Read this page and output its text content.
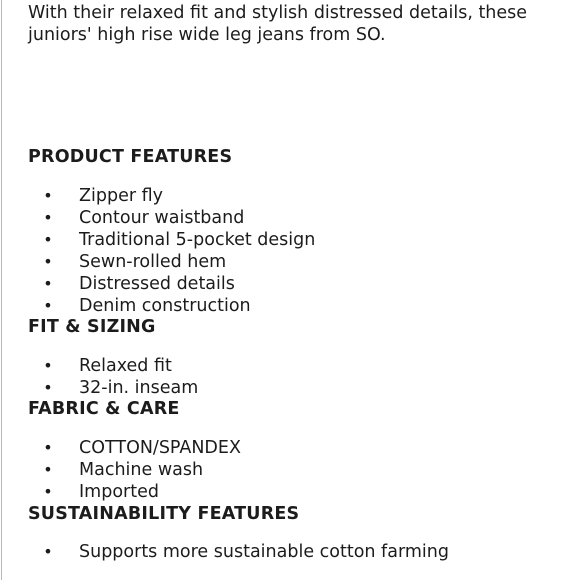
With their relaxed fit and stylish distressed details, these juniors' high rise wide leg jeans from SO.

PRODUCT FEATURES
• Zipper fly
• Contour waistband
• Traditional 5-pocket design
• Sewn-rolled hem
• Distressed details
• Denim construction
FIT & SIZING
• Relaxed fit
• 32-in. inseam
FABRIC & CARE
• COTTON/SPANDEX
• Machine wash
• Imported
SUSTAINABILITY FEATURES
• Supports more sustainable cotton farming
